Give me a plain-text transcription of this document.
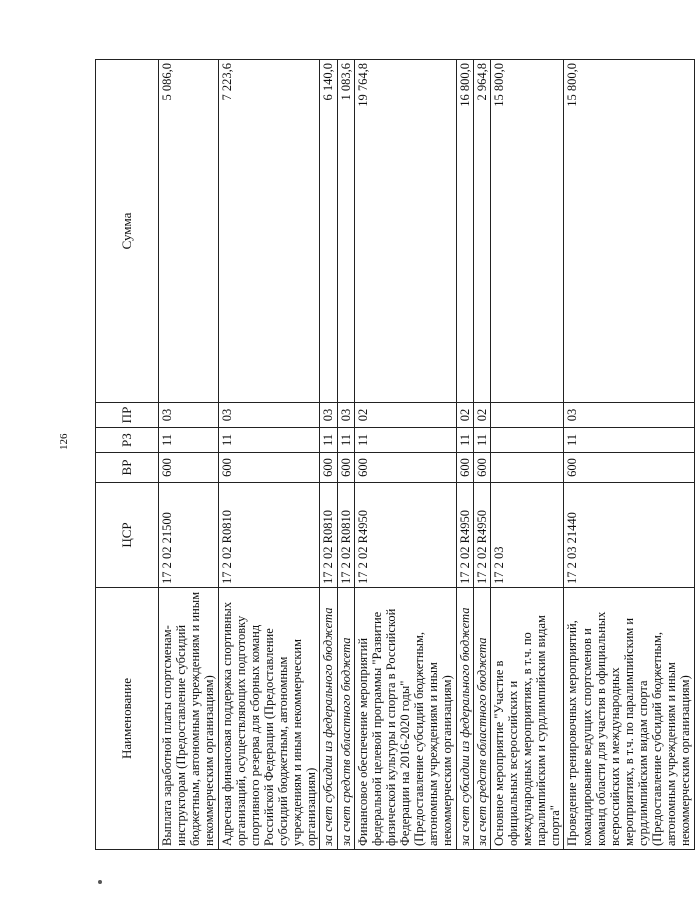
126
Наименование	ЦСР	ВР	РЗ	ПР	Сумма
Выплата заработной платы спортсменам-инструкторам (Предоставление субсидий бюджетным, автономным учреждениям и иным некоммерческим организациям)	17 2 02 21500	600	11	03	5 086,0
Адресная финансовая поддержка спортивных организаций, осуществляющих подготовку спортивного резерва для сборных команд Российской Федерации (Предоставление субсидий бюджетным, автономным учреждениям и иным некоммерческим организациям)	17 2 02 R0810	600	11	03	7 223,6
за счет субсидии из федерального бюджета	17 2 02 R0810	600	11	03	6 140,0
за счет средств областного бюджета	17 2 02 R0810	600	11	03	1 083,6
Финансовое обеспечение мероприятий федеральной целевой программы "Развитие физической культуры и спорта в Российской Федерации на 2016-2020 годы" (Предоставление субсидий бюджетным, автономным учреждениям и иным некоммерческим организациям)	17 2 02 R4950	600	11	02	19 764,8
за счет субсидии из федерального бюджета	17 2 02 R4950	600	11	02	16 800,0
за счет средств областного бюджета	17 2 02 R4950	600	11	02	2 964,8
Основное мероприятие "Участие в официальных всероссийских и международных мероприятиях, в т.ч. по паралимпийским и сурдлимпийским видам спорта"	17 2 03				15 800,0
Проведение тренировочных мероприятий, командирование ведущих спортсменов и команд области для участия в официальных всероссийских и международных мероприятиях, в т.ч. по паралимпийским и сурдлимпийским видам спорта (Предоставление субсидий бюджетным, автономным учреждениям и иным некоммерческим организациям)	17 2 03 21440	600	11	03	15 800,0
